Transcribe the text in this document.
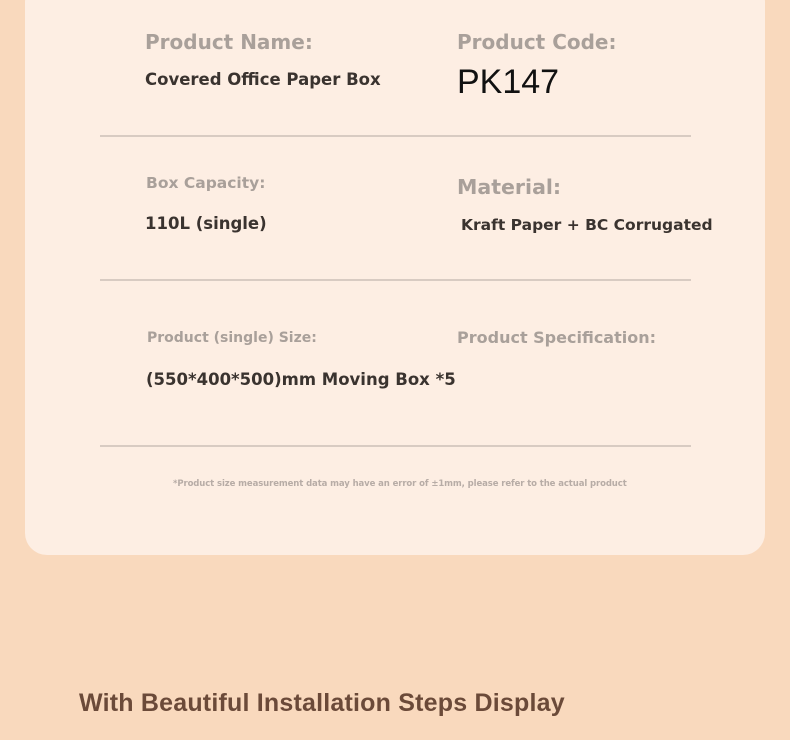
Product Name:
Covered Office Paper Box
Product Code:
PK147
Box Capacity:
110L (single)
Material:
Kraft Paper + BC Corrugated
Product (single) Size:
(550*400*500)mm Moving Box *5
Product Specification:
*Product size measurement data may have an error of ±1mm, please refer to the actual product
With Beautiful Installation Steps Display
